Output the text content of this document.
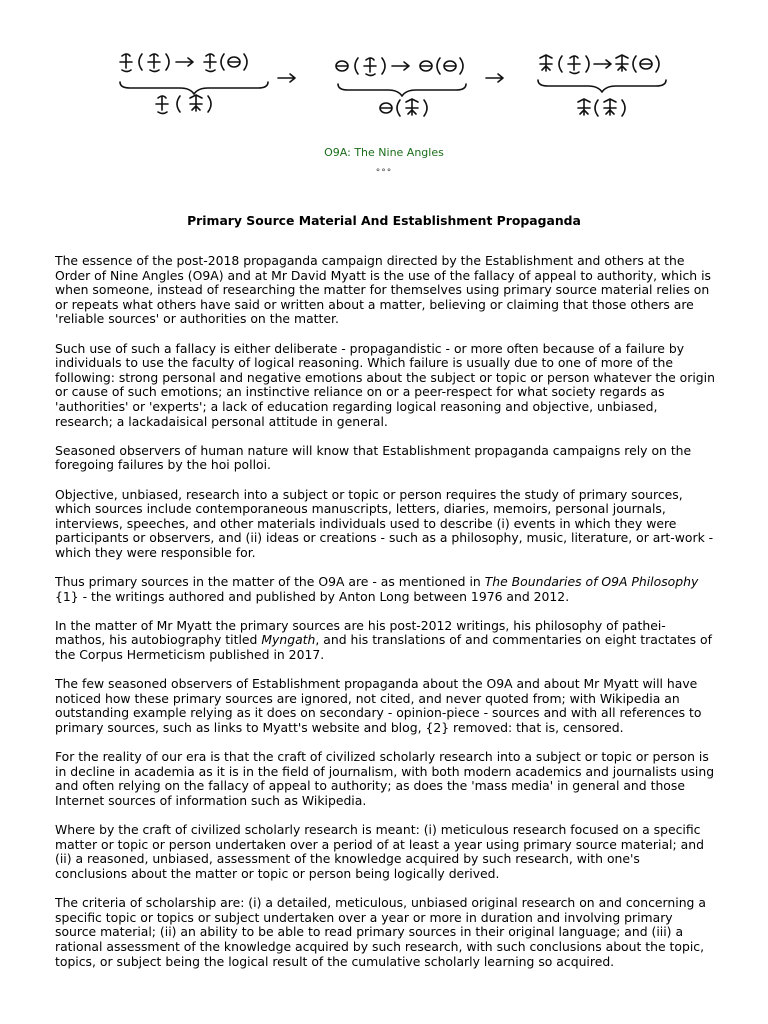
O9A: The Nine Angles
°°°
Primary Source Material And Establishment Propaganda

The essence of the post-2018 propaganda campaign directed by the Establishment and others at the Order of Nine Angles (O9A) and at Mr David Myatt is the use of the fallacy of appeal to authority, which is when someone, instead of researching the matter for themselves using primary source material relies on or repeats what others have said or written about a matter, believing or claiming that those others are 'reliable sources' or authorities on the matter.

Such use of such a fallacy is either deliberate - propagandistic - or more often because of a failure by individuals to use the faculty of logical reasoning. Which failure is usually due to one of more of the following: strong personal and negative emotions about the subject or topic or person whatever the origin or cause of such emotions; an instinctive reliance on or a peer-respect for what society regards as 'authorities' or 'experts'; a lack of education regarding logical reasoning and objective, unbiased, research; a lackadaisical personal attitude in general.

Seasoned observers of human nature will know that Establishment propaganda campaigns rely on the foregoing failures by the hoi polloi.

Objective, unbiased, research into a subject or topic or person requires the study of primary sources, which sources include contemporaneous manuscripts, letters, diaries, memoirs, personal journals, interviews, speeches, and other materials individuals used to describe (i) events in which they were participants or observers, and (ii) ideas or creations - such as a philosophy, music, literature, or art-work - which they were responsible for.

Thus primary sources in the matter of the O9A are - as mentioned in The Boundaries of O9A Philosophy {1} - the writings authored and published by Anton Long between 1976 and 2012.

In the matter of Mr Myatt the primary sources are his post-2012 writings, his philosophy of pathei-mathos, his autobiography titled Myngath, and his translations of and commentaries on eight tractates of the Corpus Hermeticism published in 2017.

The few seasoned observers of Establishment propaganda about the O9A and about Mr Myatt will have noticed how these primary sources are ignored, not cited, and never quoted from; with Wikipedia an outstanding example relying as it does on secondary - opinion-piece - sources and with all references to primary sources, such as links to Myatt's website and blog, {2} removed: that is, censored.

For the reality of our era is that the craft of civilized scholarly research into a subject or topic or person is in decline in academia as it is in the field of journalism, with both modern academics and journalists using and often relying on the fallacy of appeal to authority; as does the 'mass media' in general and those Internet sources of information such as Wikipedia.

Where by the craft of civilized scholarly research is meant: (i) meticulous research focused on a specific matter or topic or person undertaken over a period of at least a year using primary source material; and (ii) a reasoned, unbiased, assessment of the knowledge acquired by such research, with one's conclusions about the matter or topic or person being logically derived.

The criteria of scholarship are: (i) a detailed, meticulous, unbiased original research on and concerning a specific topic or topics or subject undertaken over a year or more in duration and involving primary source material; (ii) an ability to be able to read primary sources in their original language; and (iii) a rational assessment of the knowledge acquired by such research, with such conclusions about the topic, topics, or subject being the logical result of the cumulative scholarly learning so acquired.
